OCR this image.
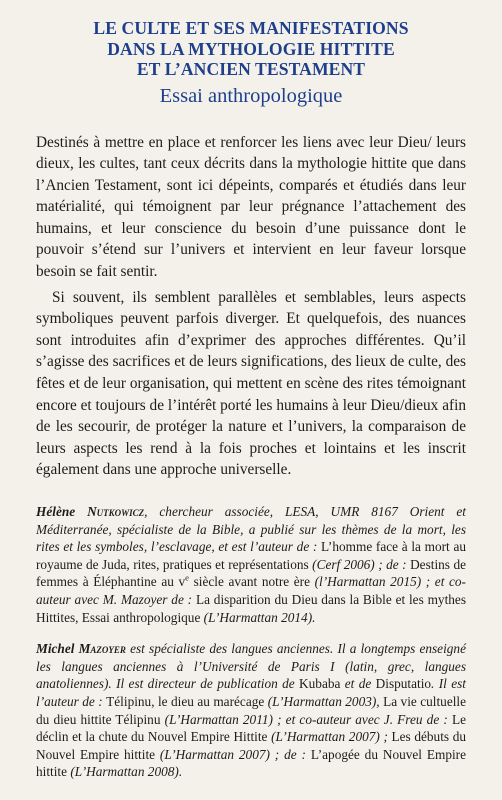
LE CULTE ET SES MANIFESTATIONS
DANS LA MYTHOLOGIE HITTITE
ET L’ANCIEN TESTAMENT
Essai anthropologique

Destinés à mettre en place et renforcer les liens avec leur Dieu/ leurs dieux, les cultes, tant ceux décrits dans la mythologie hittite que dans l’Ancien Testament, sont ici dépeints, comparés et étudiés dans leur matérialité, qui témoignent par leur prégnance l’attachement des humains, et leur conscience du besoin d’une puissance dont le pouvoir s’étend sur l’univers et intervient en leur faveur lorsque besoin se fait sentir.

Si souvent, ils semblent parallèles et semblables, leurs aspects symboliques peuvent parfois diverger. Et quelquefois, des nuances sont introduites afin d’exprimer des approches différentes. Qu’il s’agisse des sacrifices et de leurs significations, des lieux de culte, des fêtes et de leur organisation, qui mettent en scène des rites témoignant encore et toujours de l’intérêt porté les humains à leur Dieu/dieux afin de les secourir, de protéger la nature et l’univers, la comparaison de leurs aspects les rend à la fois proches et lointains et les inscrit également dans une approche universelle.

Hélène Nutkowicz, chercheur associée, LESA, UMR 8167 Orient et Méditerranée, spécialiste de la Bible, a publié sur les thèmes de la mort, les rites et les symboles, l’esclavage, et est l’auteur de : L’homme face à la mort au royaume de Juda, rites, pratiques et représentations (Cerf 2006) ; de : Destins de femmes à Éléphantine au $v^e$ siècle avant notre ère (l’Harmattan 2015) ; et co-auteur avec M. Mazoyer de : La disparition du Dieu dans la Bible et les mythes Hittites, Essai anthropologique (L’Harmattan 2014).

Michel Mazoyer est spécialiste des langues anciennes. Il a longtemps enseigné les langues anciennes à l’Université de Paris I (latin, grec, langues anatoliennes). Il est directeur de publication de Kubaba et de Disputatio. Il est l’auteur de : Télipinu, le dieu au marécage (L’Harmattan 2003), La vie cultuelle du dieu hittite Télipinu (L’Harmattan 2011) ; et co-auteur avec J. Freu de : Le déclin et la chute du Nouvel Empire Hittite (L’Harmattan 2007) ; Les débuts du Nouvel Empire hittite (L’Harmattan 2007) ; de : L’apogée du Nouvel Empire hittite (L’Harmattan 2008).
